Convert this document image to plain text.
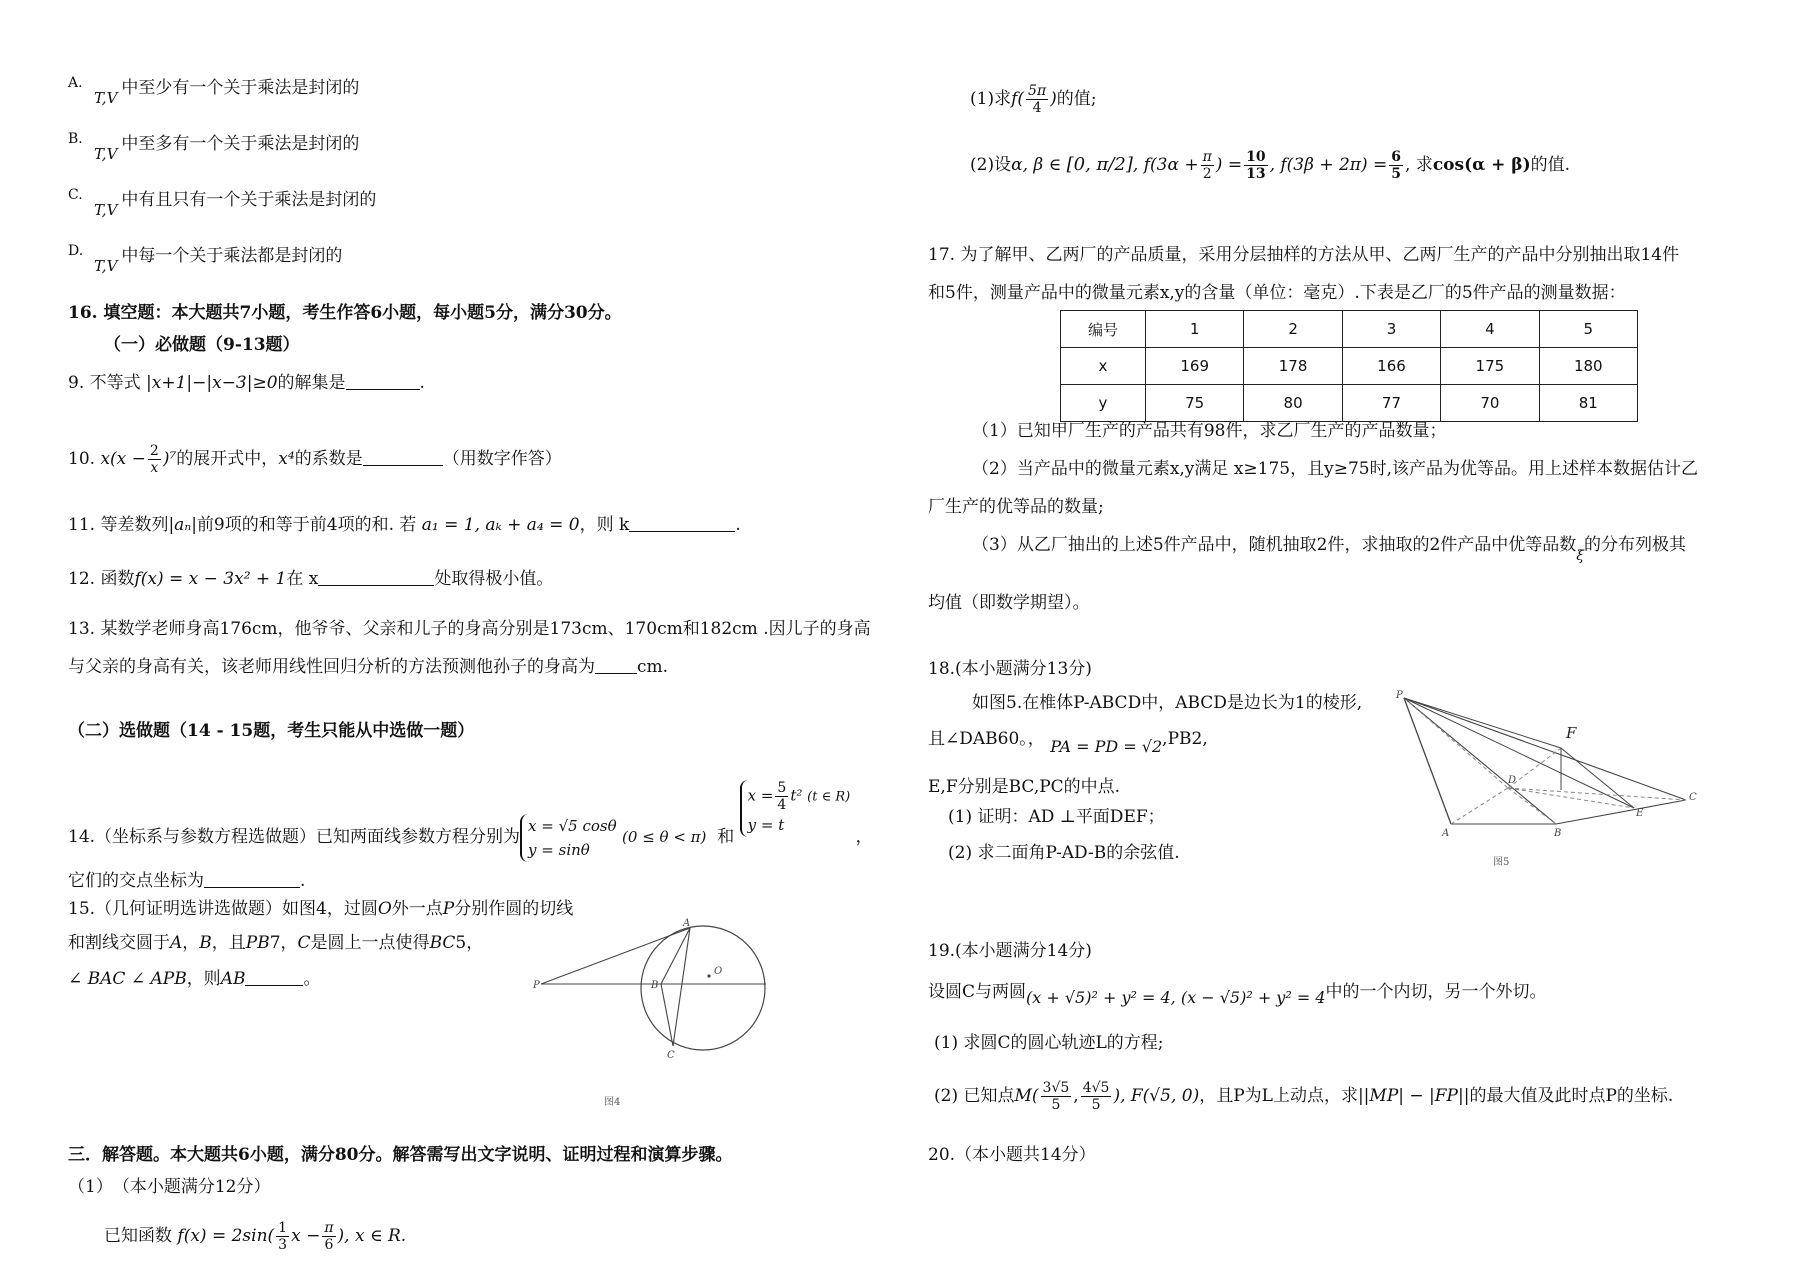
A.T,V 中至少有一个关于乘法是封闭的
B.T,V 中至多有一个关于乘法是封闭的
C.T,V 中有且只有一个关于乘法是封闭的
D.T,V 中每一个关于乘法都是封闭的
16. 填空题：本大题共7小题，考生作答6小题，每小题5分，满分30分。
（一）必做题（9-13题）
9. 不等式 |x+1|−|x−3|≥0的解集是	.
10. $x(x - \frac{2}{x} )^7$的展开式中，x⁴的系数是	（用数字作答）
11. 等差数列|aₙ|前9项的和等于前4项的和. 若 a₁ = 1, aₖ + a₄ = 0，则 k	.
12. 函数f(x) = x − 3x² + 1在 x	处取得极小值。
13. 某数学老师身高176cm，他爷爷、父亲和儿子的身高分别是173cm、170cm和182cm .因儿子的身高
与父亲的身高有关，该老师用线性回归分析的方法预测他孙子的身高为 cm.
（二）选做题（14 - 15题，考生只能从中选做一题）
14.（坐标系与参数方程选做题）已知两面线参数方程分别为
x = √5 cosθ
y = sinθ
(0 ≤ θ < π) 和
$x = \frac{5}{4} t^2$ (t ∈ R)
y = t
，
它们的交点坐标为	.
15.（几何证明选讲选做题）如图4，过圆O外一点P分别作圆的切线
和割线交圆于A，B，且PB7，C是圆上一点使得BC5，
∠ BAC ∠ APB，则AB	。
A
P	B
C
O
图4
三．解答题。本大题共6小题，满分80分。解答需写出文字说明、证明过程和演算步骤。
（1）　（本小题满分12分）
已知函数 $f(x) = 2\sin( \frac{1}{3}$ $x - \frac{\pi}{6}$ ), x ∈ R.
(1)求$f( \frac{5\pi}{4}$ )的值;
(2)设α, β ∈ [0, π/2], $f(3\alpha + \frac{\pi}{2}$ ) = $\frac{10}{13}$ , $f(3\beta + 2\pi) = \frac{6}{5}$ , 求cos(α + β)的值.
17. 为了解甲、乙两厂的产品质量，采用分层抽样的方法从甲、乙两厂生产的产品中分别抽出取14件
和5件，测量产品中的微量元素x,y的含量（单位：毫克）.下表是乙厂的5件产品的测量数据：
编号	1	2	3	4	5
x	169	178	166	175	180
y	75	80	77	70	81
（1）已知甲厂生产的产品共有98件，求乙厂生产的产品数量；
（2）当产品中的微量元素x,y满足 x≥175，且y≥75时,该产品为优等品。用上述样本数据估计乙
厂生产的优等品的数量;
（3）从乙厂抽出的上述5件产品中，随机抽取2件，求抽取的2件产品中优等品数$_\xi$的分布列极其
均值（即数学期望）。
18.(本小题满分13分)
如图5.在椎体P-ABCD中，ABCD是边长为1的棱形,
且∠DAB60。， PA = PD = √2,PB2,
E,F分别是BC,PC的中点.
(1) 证明：AD ⊥平面DEF；
(2) 求二面角P-AD-B的余弦值.
P
F
D
C
A	B
E
图5
19.(本小题满分14分)
设圆C与两圆(x + √5)² + y² = 4, (x − √5)² + y² = 4中的一个内切，另一个外切。
(1) 求圆C的圆心轨迹L的方程;
(2) 已知点$M( \frac{3√5}{5}$ , $\frac{4√5}{5}$ ), F(√5, 0)，且P为L上动点，求||MP| − |FP||的最大值及此时点P的坐标.
20.（本小题共14分）
